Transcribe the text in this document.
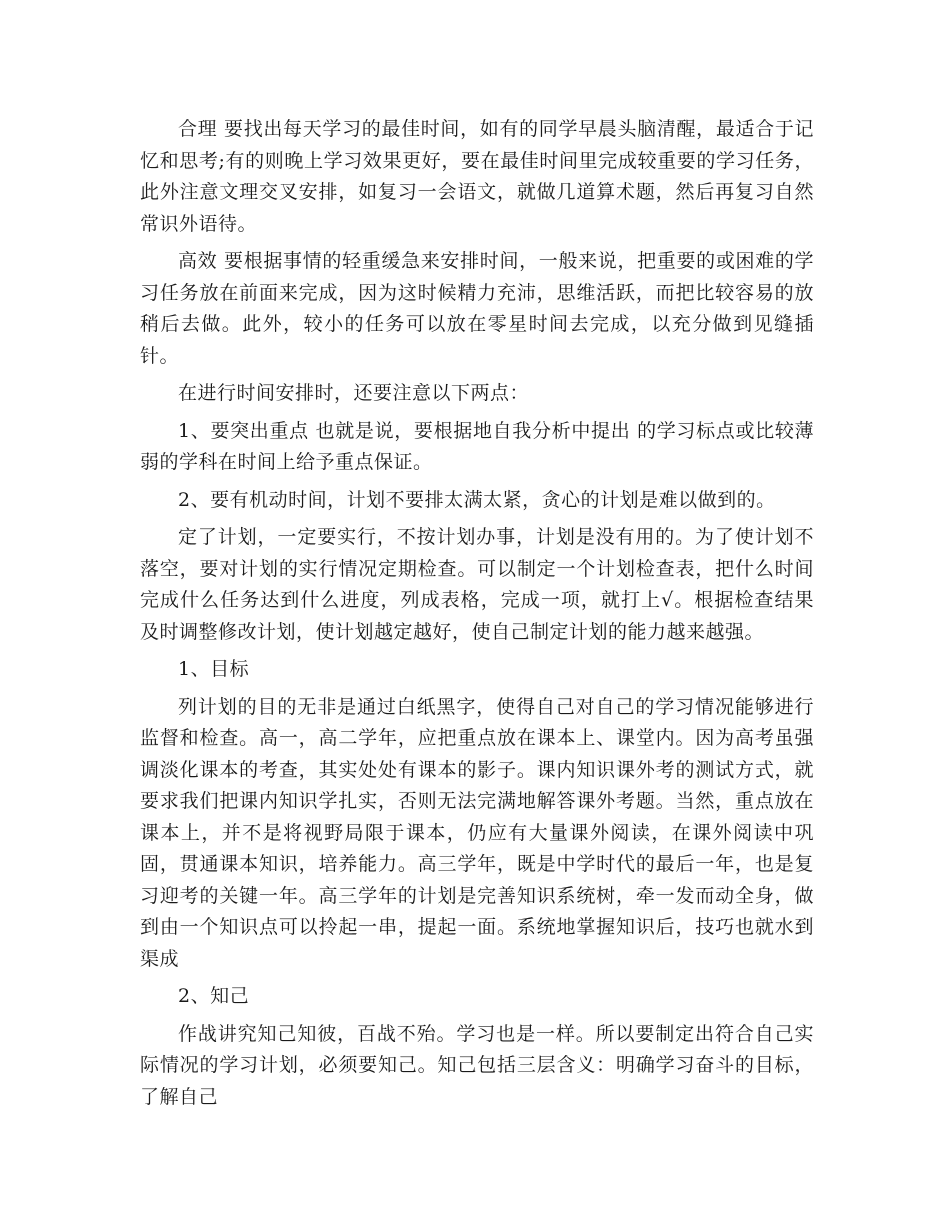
合理 要找出每天学习的最佳时间，如有的同学早晨头脑清醒，最适合于记忆和思考;有的则晚上学习效果更好，要在最佳时间里完成较重要的学习任务，此外注意文理交叉安排，如复习一会语文，就做几道算术题，然后再复习自然常识外语待。

高效 要根据事情的轻重缓急来安排时间，一般来说，把重要的或困难的学习任务放在前面来完成，因为这时候精力充沛，思维活跃，而把比较容易的放稍后去做。此外，较小的任务可以放在零星时间去完成，以充分做到见缝插针。

在进行时间安排时，还要注意以下两点：

1、要突出重点 也就是说，要根据地自我分析中提出 的学习标点或比较薄弱的学科在时间上给予重点保证。

2、要有机动时间，计划不要排太满太紧，贪心的计划是难以做到的。

定了计划，一定要实行，不按计划办事，计划是没有用的。为了使计划不落空，要对计划的实行情况定期检查。可以制定一个计划检查表，把什么时间完成什么任务达到什么进度，列成表格，完成一项，就打上√。根据检查结果及时调整修改计划，使计划越定越好，使自己制定计划的能力越来越强。

1、目标

列计划的目的无非是通过白纸黑字，使得自己对自己的学习情况能够进行监督和检查。高一，高二学年，应把重点放在课本上、课堂内。因为高考虽强调淡化课本的考查，其实处处有课本的影子。课内知识课外考的测试方式，就要求我们把课内知识学扎实，否则无法完满地解答课外考题。当然，重点放在课本上，并不是将视野局限于课本，仍应有大量课外阅读，在课外阅读中巩固，贯通课本知识，培养能力。高三学年，既是中学时代的最后一年，也是复习迎考的关键一年。高三学年的计划是完善知识系统树，牵一发而动全身，做到由一个知识点可以拎起一串，提起一面。系统地掌握知识后，技巧也就水到渠成

2、知己

作战讲究知己知彼，百战不殆。学习也是一样。所以要制定出符合自己实际情况的学习计划，必须要知己。知己包括三层含义：明确学习奋斗的目标，了解自己
